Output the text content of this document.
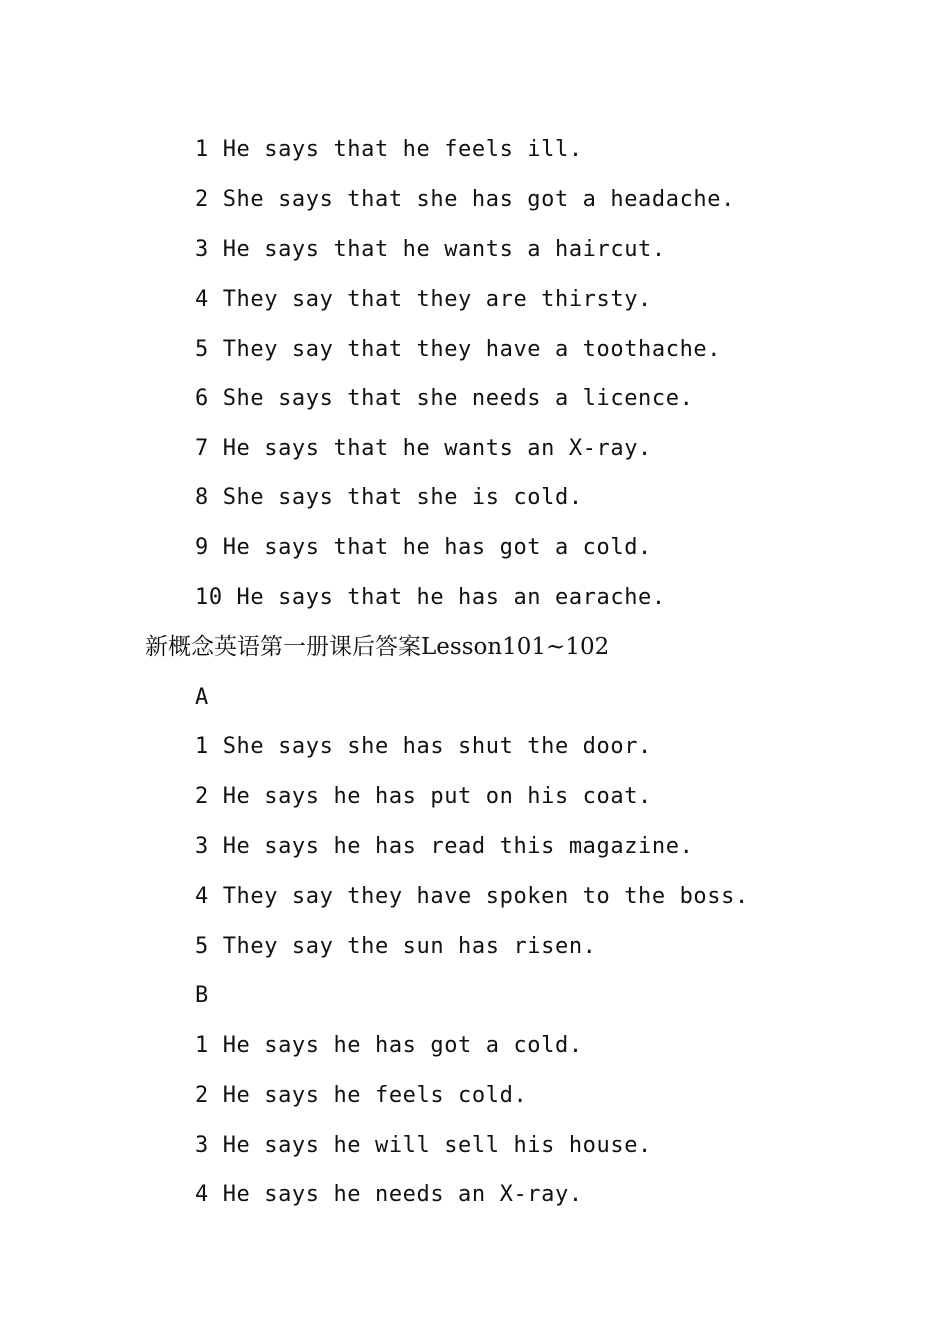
1 He says that he feels ill.
2 She says that she has got a headache.
3 He says that he wants a haircut.
4 They say that they are thirsty.
5 They say that they have a toothache.
6 She says that she needs a licence.
7 He says that he wants an X-ray.
8 She says that she is cold.
9 He says that he has got a cold.
10 He says that he has an earache.
新概念英语第一册课后答案Lesson101~102
A
1 She says she has shut the door.
2 He says he has put on his coat.
3 He says he has read this magazine.
4 They say they have spoken to the boss.
5 They say the sun has risen.
B
1 He says he has got a cold.
2 He says he feels cold.
3 He says he will sell his house.
4 He says he needs an X-ray.
